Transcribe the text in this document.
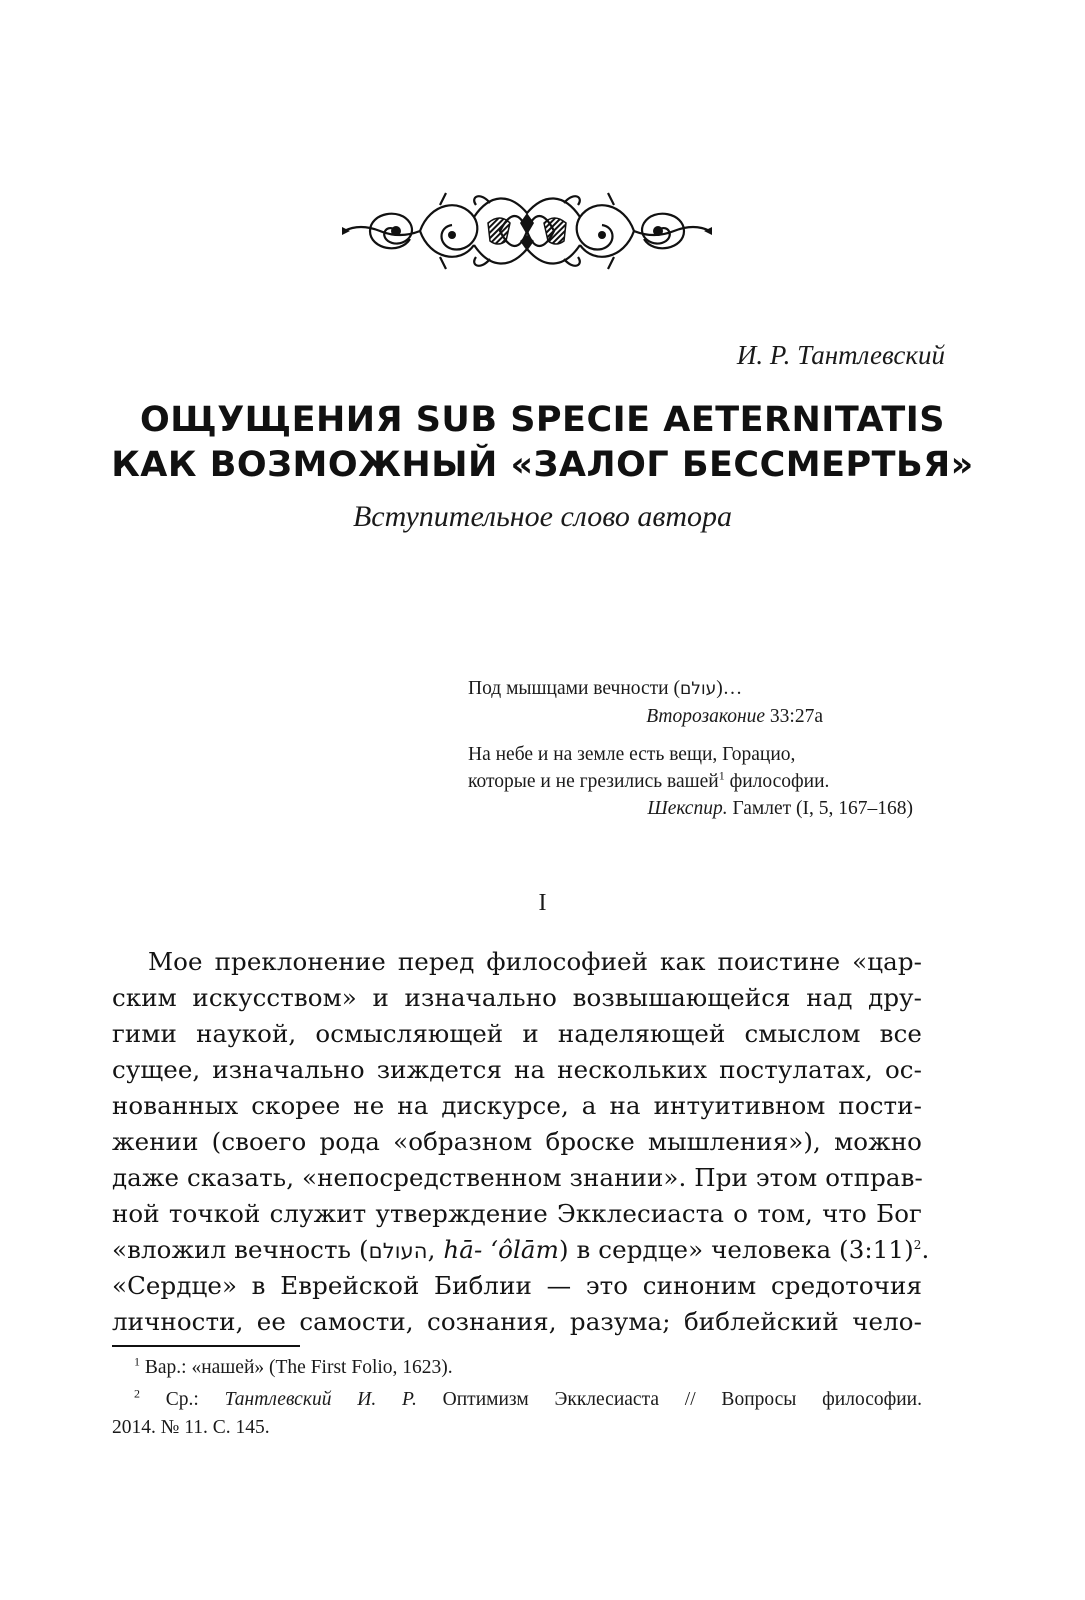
И. Р. Тантлевский
ОЩУЩЕНИЯ SUB SPECIE AETERNITATIS
КАК ВОЗМОЖНЫЙ «ЗАЛОГ БЕССМЕРТЬЯ»
Вступительное слово автора
Под мышцами вечности (עולם)…
Второзаконие 33:27a
На небе и на земле есть вещи, Горацио,
которые и не грезились вашей$^1$ философии.
Шекспир. Гамлет (I, 5, 167–168)
I
Мое преклонение перед философией как поистине «цар-
ским искусством» и изначально возвышающейся над дру-
гими наукой, осмысляющей и наделяющей смыслом все
сущее, изначально зиждется на нескольких постулатах, ос-
нованных скорее не на дискурсе, а на интуитивном пости-
жении (своего рода «образном броске мышления»), можно
даже сказать, «непосредственном знании». При этом отправ-
ной точкой служит утверждение Экклесиаста о том, что Бог
«вложил вечность (העולם, hā- ‘ôlām) в сердце» человека (3:11)$^2$.
«Сердце» в Еврейской Библии — это синоним средоточия
личности, ее самости, сознания, разума; библейский чело-
$^1$ Вар.: «нашей» (The First Folio, 1623).
$^2$ Ср.: Тантлевский И. Р. Оптимизм Экклесиаста // Вопросы философии.
2014. № 11. С. 145.
